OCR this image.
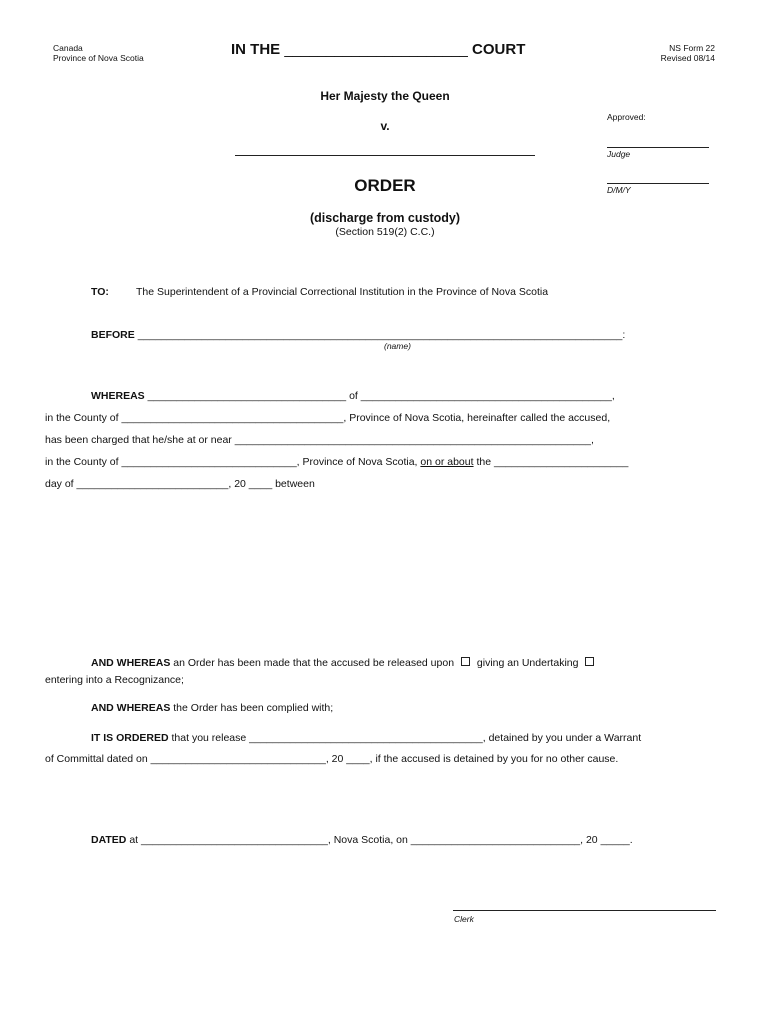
Canada
Province of Nova Scotia	IN THE ______________________ COURT	NS Form 22
Revised 08/14
Her Majesty the Queen
v.
Approved:
Judge
D/M/Y
ORDER
(discharge from custody)
(Section 519(2) C.C.)
TO:	The Superintendent of a Provincial Correctional Institution in the Province of Nova Scotia
BEFORE ___________________________________________________________________________________:
(name)
WHEREAS __________________________________ of ___________________________________________,
in the County of ______________________________________, Province of Nova Scotia, hereinafter called the accused,
has been charged that he/she at or near _____________________________________________________________,
in the County of ______________________________, Province of Nova Scotia, on or about the _______________________
day of __________________________, 20 ____ between
AND WHEREAS an Order has been made that the accused be released upon giving an Undertaking
entering into a Recognizance;
AND WHEREAS the Order has been complied with;
IT IS ORDERED that you release ________________________________________, detained by you under a Warrant
of Committal dated on ______________________________, 20 ____, if the accused is detained by you for no other cause.
DATED at ________________________________, Nova Scotia, on _____________________________, 20 _____.
Clerk
